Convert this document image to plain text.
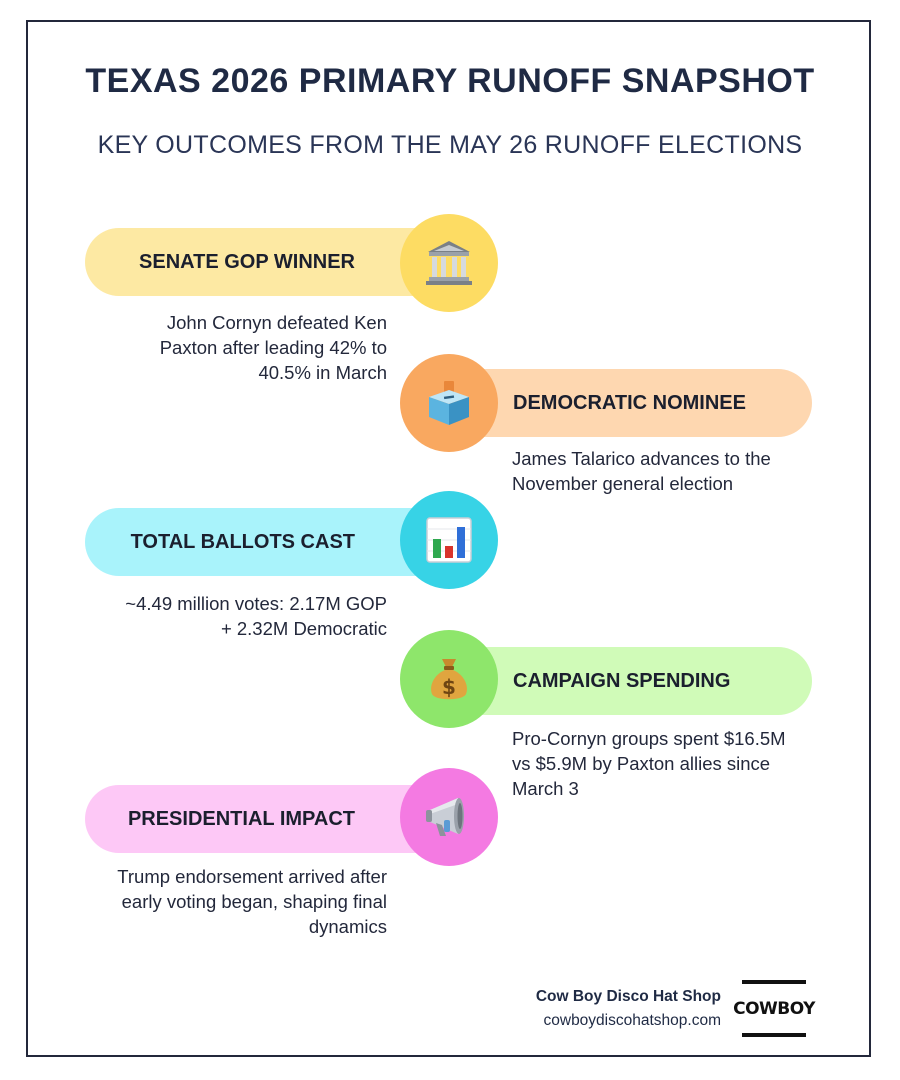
TEXAS 2026 PRIMARY RUNOFF SNAPSHOT
KEY OUTCOMES FROM THE MAY 26 RUNOFF ELECTIONS
SENATE GOP WINNER
John Cornyn defeated Ken Paxton after leading 42% to 40.5% in March
DEMOCRATIC NOMINEE
James Talarico advances to the November general election
TOTAL BALLOTS CAST
~4.49 million votes: 2.17M GOP + 2.32M Democratic
CAMPAIGN SPENDING
$
Pro-Cornyn groups spent $16.5M vs $5.9M by Paxton allies since March 3
PRESIDENTIAL IMPACT
Trump endorsement arrived after early voting began, shaping final dynamics
Cow Boy Disco Hat Shop
cowboydiscohatshop.com
COWBOY
